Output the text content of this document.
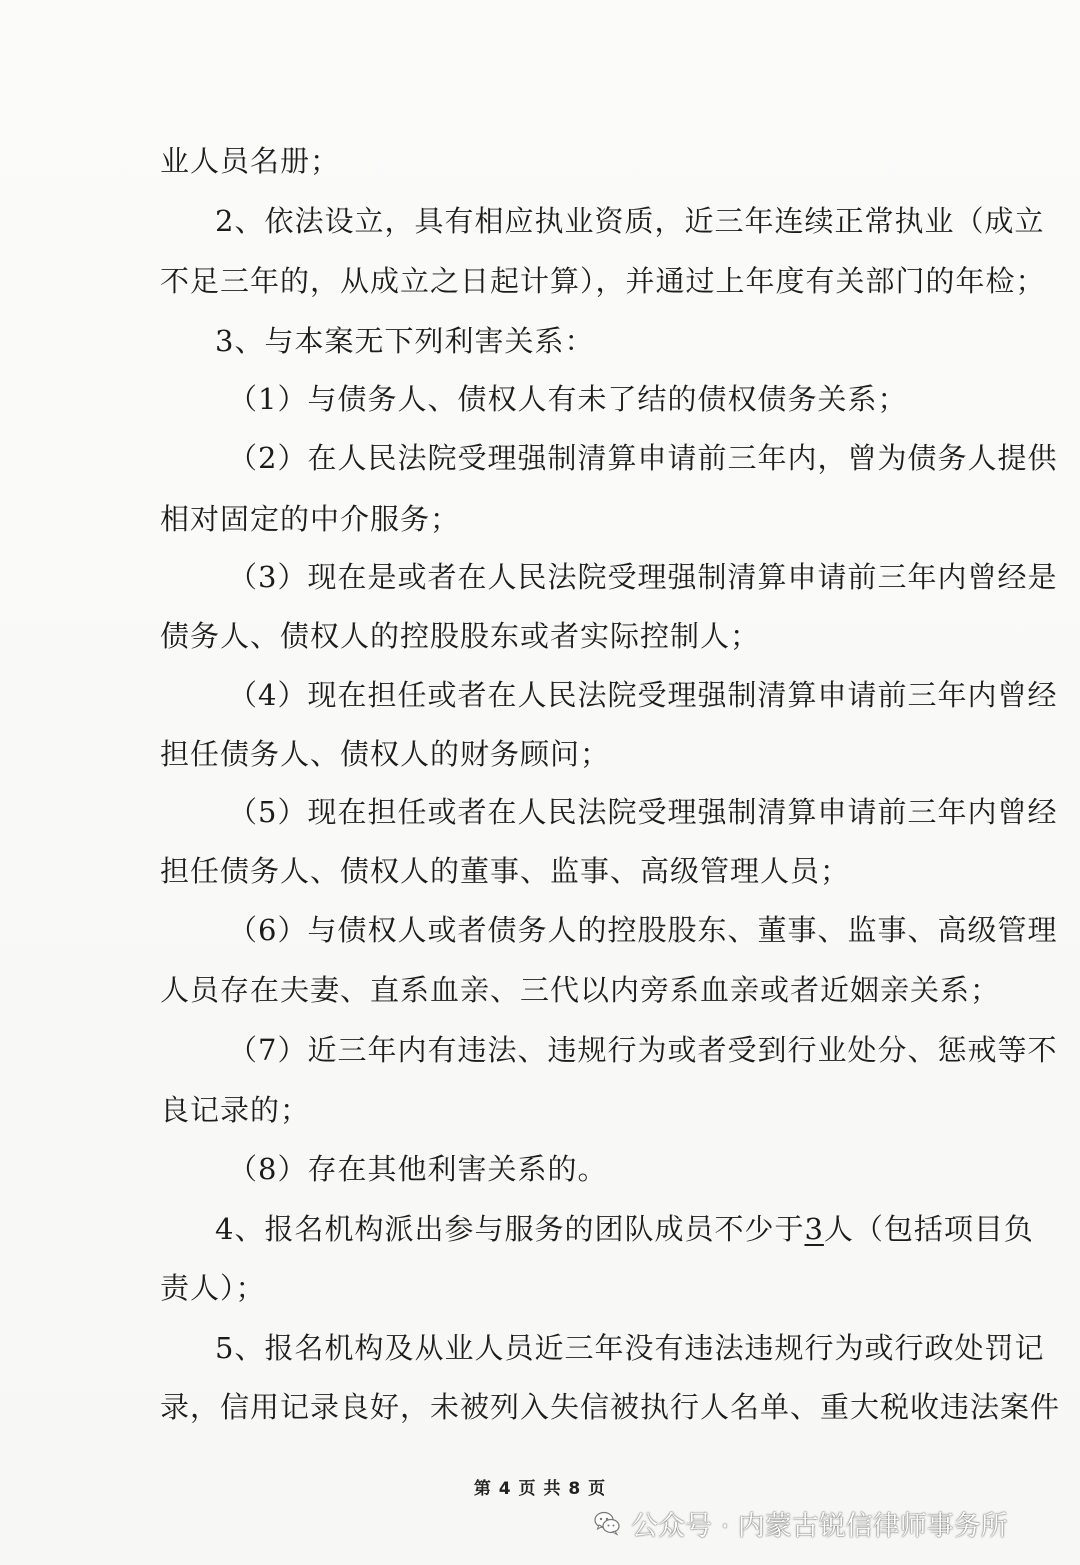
业人员名册；
2、依法设立，具有相应执业资质，近三年连续正常执业（成立
不足三年的，从成立之日起计算），并通过上年度有关部门的年检；
3、与本案无下列利害关系：
（1）与债务人、债权人有未了结的债权债务关系；
（2）在人民法院受理强制清算申请前三年内，曾为债务人提供
相对固定的中介服务；
（3）现在是或者在人民法院受理强制清算申请前三年内曾经是
债务人、债权人的控股股东或者实际控制人；
（4）现在担任或者在人民法院受理强制清算申请前三年内曾经
担任债务人、债权人的财务顾问；
（5）现在担任或者在人民法院受理强制清算申请前三年内曾经
担任债务人、债权人的董事、监事、高级管理人员；
（6）与债权人或者债务人的控股股东、董事、监事、高级管理
人员存在夫妻、直系血亲、三代以内旁系血亲或者近姻亲关系；
（7）近三年内有违法、违规行为或者受到行业处分、惩戒等不
良记录的；
（8）存在其他利害关系的。
4、报名机构派出参与服务的团队成员不少于3人（包括项目负
责人）；
5、报名机构及从业人员近三年没有违法违规行为或行政处罚记
录，信用记录良好，未被列入失信被执行人名单、重大税收违法案件
第 4 页 共 8 页
公众号 · 内蒙古锐信律师事务所
